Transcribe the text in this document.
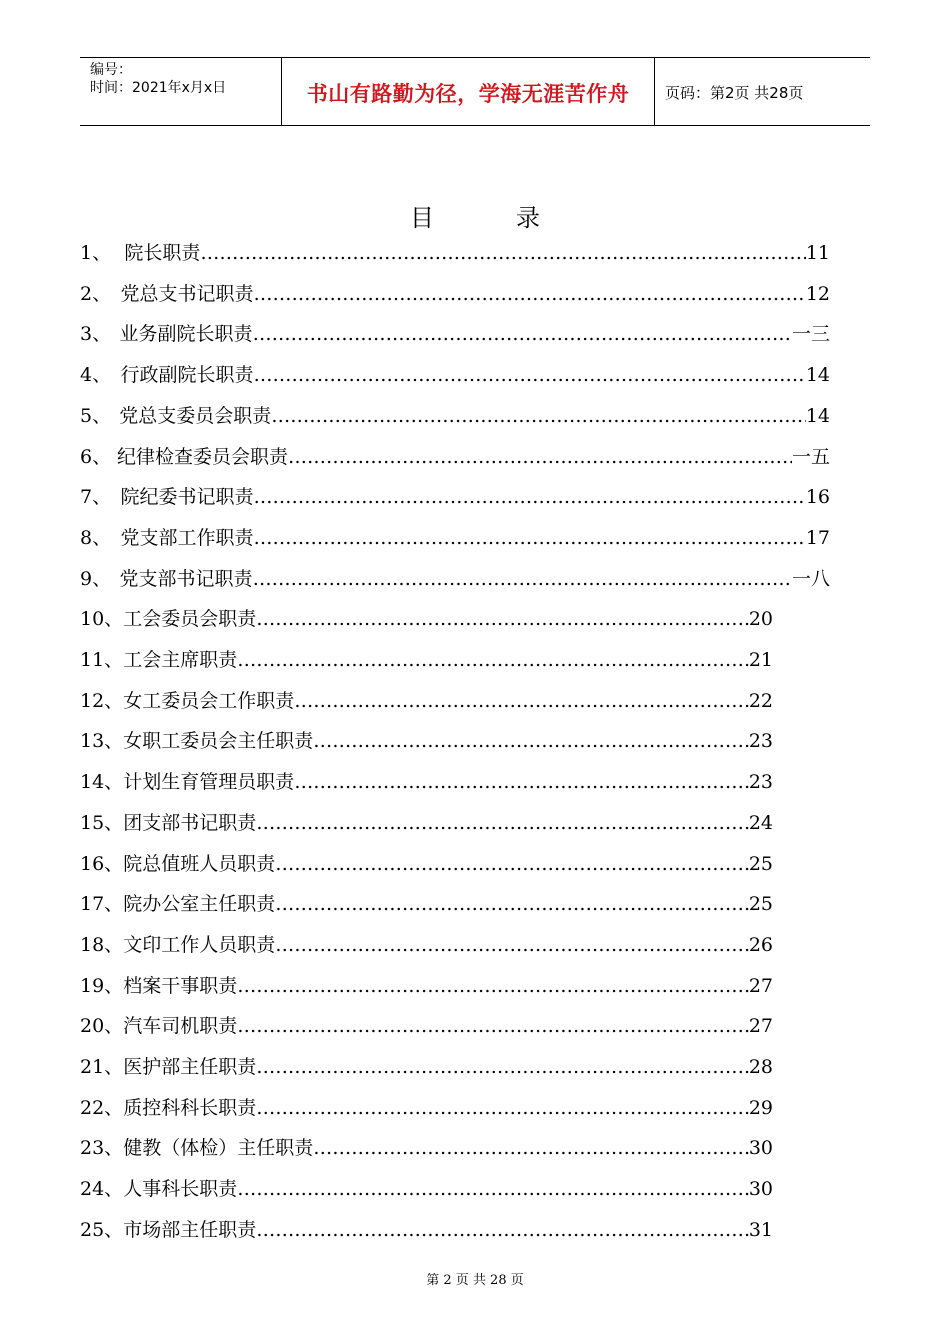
编号：
时间：2021年x月x日	书山有路勤为径，学海无涯苦作舟	页码：第2页 共28页
目	录
1、 院长职责 ……………………………………………………………………………………………………………………………………………………	11
2、 党总支书记职责 ……………………………………………………………………………………………………………………………………………………	12
3、 业务副院长职责 ……………………………………………………………………………………………………………………………………………………	一三
4、 行政副院长职责 ……………………………………………………………………………………………………………………………………………………	14
5、 党总支委员会职责 ……………………………………………………………………………………………………………………………………………………	14
6、 纪律检查委员会职责 ……………………………………………………………………………………………………………………………………………………	一五
7、 院纪委书记职责 ……………………………………………………………………………………………………………………………………………………	16
8、 党支部工作职责 ……………………………………………………………………………………………………………………………………………………	17
9、 党支部书记职责 ……………………………………………………………………………………………………………………………………………………	一八
10、 工会委员会职责 ……………………………………………………………………………………………………………………………………………………	20
11、 工会主席职责 ……………………………………………………………………………………………………………………………………………………	21
12、 女工委员会工作职责 ……………………………………………………………………………………………………………………………………………………	22
13、 女职工委员会主任职责 ……………………………………………………………………………………………………………………………………………………	23
14、 计划生育管理员职责 ……………………………………………………………………………………………………………………………………………………	23
15、 团支部书记职责 ……………………………………………………………………………………………………………………………………………………	24
16、 院总值班人员职责 ……………………………………………………………………………………………………………………………………………………	25
17、 院办公室主任职责 ……………………………………………………………………………………………………………………………………………………	25
18、 文印工作人员职责 ……………………………………………………………………………………………………………………………………………………	26
19、 档案干事职责 ……………………………………………………………………………………………………………………………………………………	27
20、 汽车司机职责 ……………………………………………………………………………………………………………………………………………………	27
21、 医护部主任职责 ……………………………………………………………………………………………………………………………………………………	28
22、 质控科科长职责 ……………………………………………………………………………………………………………………………………………………	29
23、 健教（体检）主任职责 ……………………………………………………………………………………………………………………………………………………	30
24、 人事科长职责 ……………………………………………………………………………………………………………………………………………………	30
25、 市场部主任职责 ……………………………………………………………………………………………………………………………………………………	31
第 2 页 共 28 页
